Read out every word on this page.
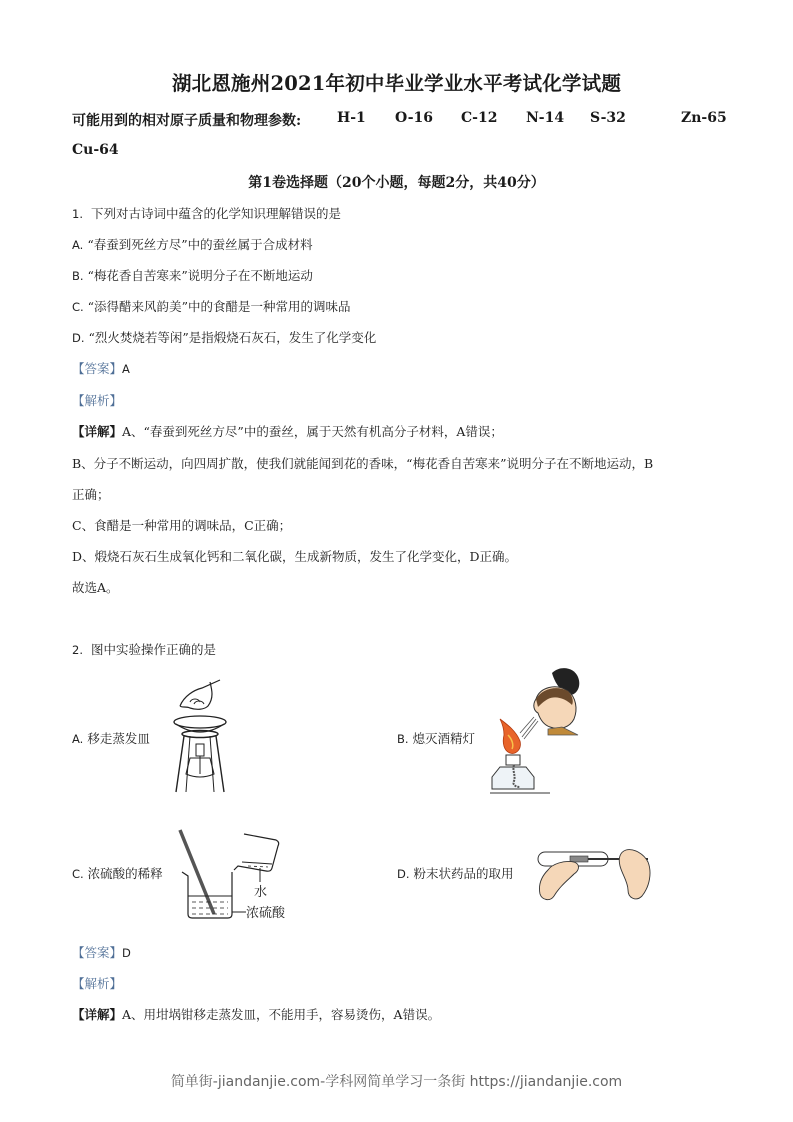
湖北恩施州2021年初中毕业学业水平考试化学试题
可能用到的相对原子质量和物理参数:	H-1 O-16 C-12 N-14 S-32	Zn-65
Cu-64
第1卷选择题（20个小题，每题2分，共40分）
1. 下列对古诗词中蕴含的化学知识理解错误的是
A. “春蚕到死丝方尽”中的蚕丝属于合成材料
B. “梅花香自苦寒来”说明分子在不断地运动
C. “添得醋来风韵美”中的食醋是一种常用的调味品
D. “烈火焚烧若等闲”是指煅烧石灰石，发生了化学变化
【答案】A
【解析】
【详解】A、“春蚕到死丝方尽”中的蚕丝，属于天然有机高分子材料，A错误；
B、分子不断运动，向四周扩散，使我们就能闻到花的香味，“梅花香自苦寒来”说明分子在不断地运动，B
正确；
C、食醋是一种常用的调味品，C正确；
D、煅烧石灰石生成氧化钙和二氧化碳，生成新物质，发生了化学变化，D正确。
故选A。
2. 图中实验操作正确的是
A. 移走蒸发皿	B. 熄灭酒精灯
C. 浓硫酸的稀释
水
浓硫酸
D. 粉末状药品的取用
【答案】D
【解析】
【详解】A、用坩埚钳移走蒸发皿，不能用手，容易烫伤，A错误。
简单街-jiandanjie.com-学科网简单学习一条街 https://jiandanjie.com
